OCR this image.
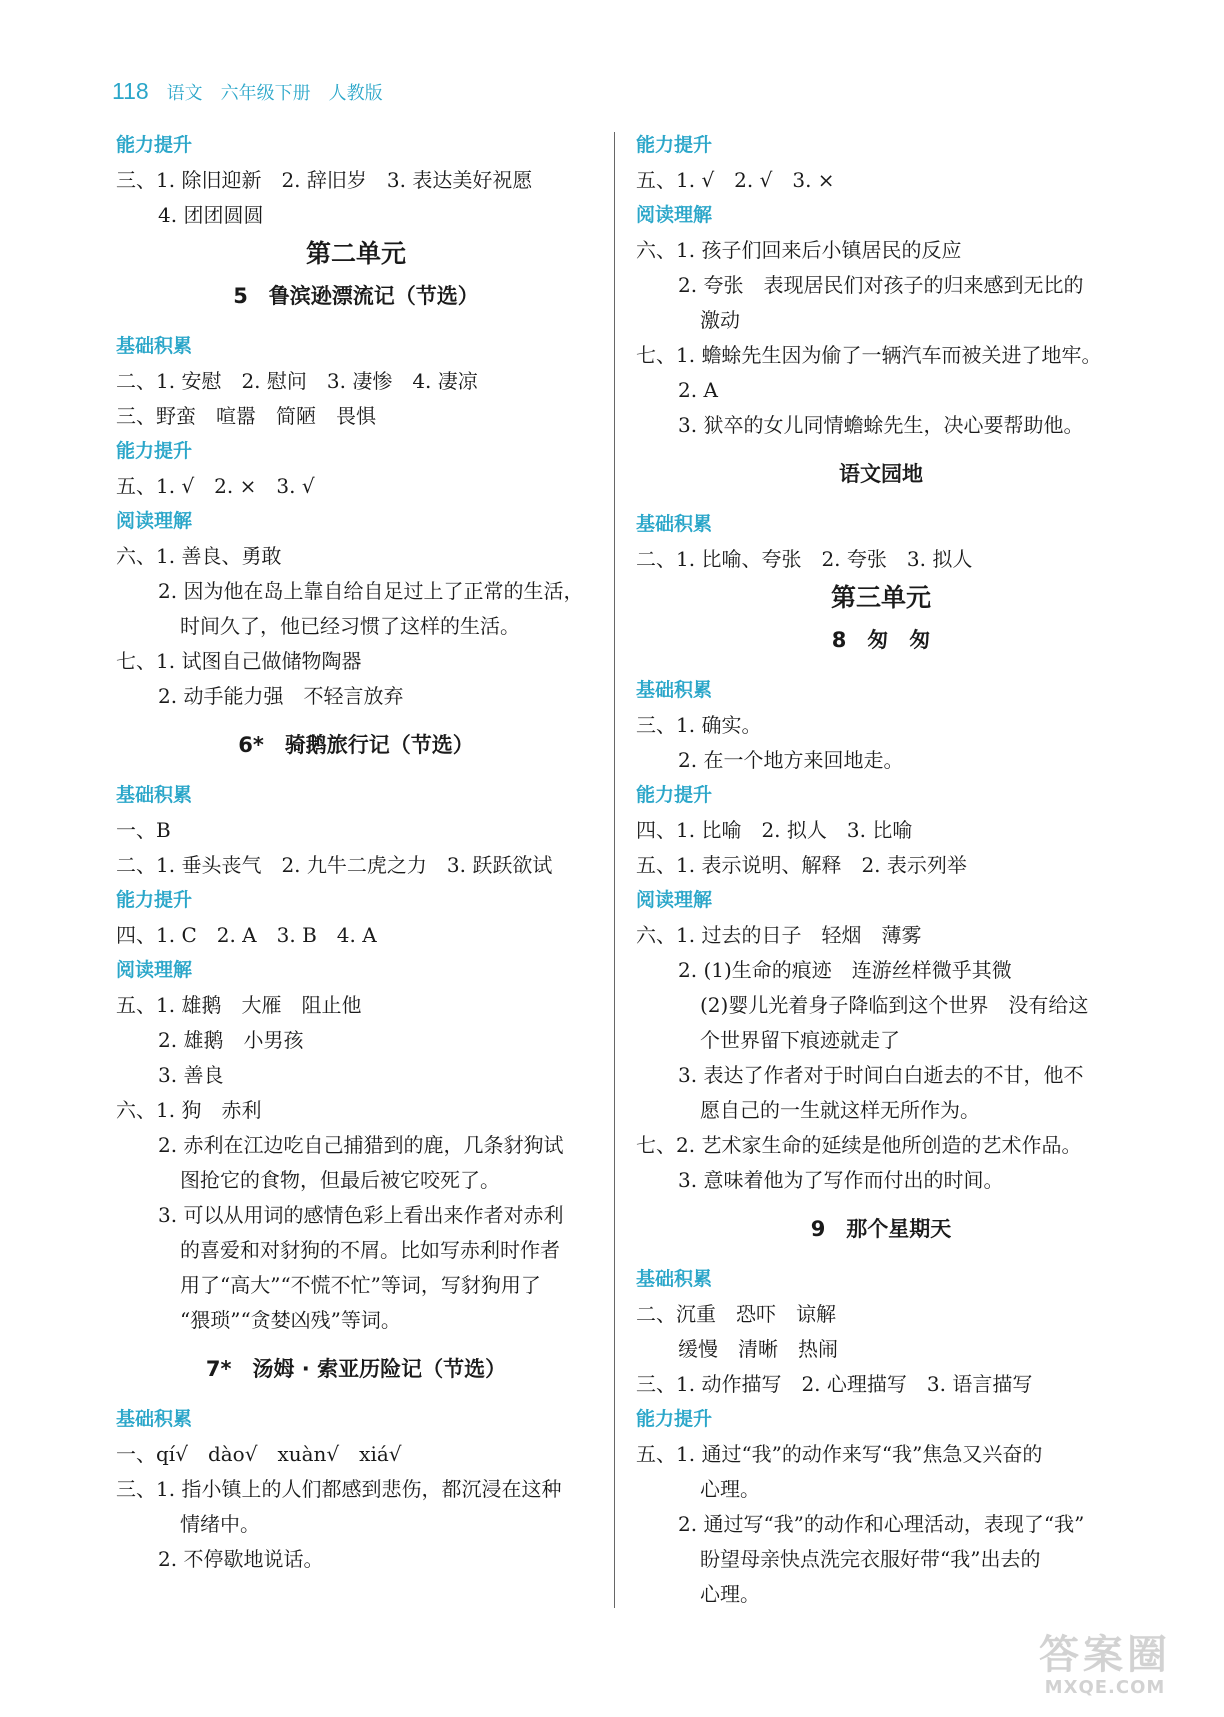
118 语文　六年级下册　人教版
能力提升
三、1. 除旧迎新　2. 辞旧岁　3. 表达美好祝愿
4. 团团圆圆
第二单元
5　鲁滨逊漂流记（节选）
基础积累
二、1. 安慰　2. 慰问　3. 凄惨　4. 凄凉
三、野蛮　喧嚣　简陋　畏惧
能力提升
五、1. √　2. ×　3. √
阅读理解
六、1. 善良、勇敢
2. 因为他在岛上靠自给自足过上了正常的生活，
时间久了，他已经习惯了这样的生活。
七、1. 试图自己做储物陶器
2. 动手能力强　不轻言放弃
6*　骑鹅旅行记（节选）
基础积累
一、B
二、1. 垂头丧气　2. 九牛二虎之力　3. 跃跃欲试
能力提升
四、1. C　2. A　3. B　4. A
阅读理解
五、1. 雄鹅　大雁　阻止他
2. 雄鹅　小男孩
3. 善良
六、1. 狗　赤利
2. 赤利在江边吃自己捕猎到的鹿，几条豺狗试
图抢它的食物，但最后被它咬死了。
3. 可以从用词的感情色彩上看出来作者对赤利
的喜爱和对豺狗的不屑。比如写赤利时作者
用了“高大”“不慌不忙”等词，写豺狗用了
“猥琐”“贪婪凶残”等词。
7*　汤姆 · 索亚历险记（节选）
基础积累
一、qí√　dào√　xuàn√　xiá√
三、1. 指小镇上的人们都感到悲伤，都沉浸在这种
情绪中。
2. 不停歇地说话。
能力提升
五、1. √　2. √　3. ×
阅读理解
六、1. 孩子们回来后小镇居民的反应
2. 夸张　表现居民们对孩子的归来感到无比的
激动
七、1. 蟾蜍先生因为偷了一辆汽车而被关进了地牢。
2. A
3. 狱卒的女儿同情蟾蜍先生，决心要帮助他。
语文园地
基础积累
二、1. 比喻、夸张　2. 夸张　3. 拟人
第三单元
8　匆　匆
基础积累
三、1. 确实。
2. 在一个地方来回地走。
能力提升
四、1. 比喻　2. 拟人　3. 比喻
五、1. 表示说明、解释　2. 表示列举
阅读理解
六、1. 过去的日子　轻烟　薄雾
2. (1)生命的痕迹　连游丝样微乎其微
(2)婴儿光着身子降临到这个世界　没有给这
个世界留下痕迹就走了
3. 表达了作者对于时间白白逝去的不甘，他不
愿自己的一生就这样无所作为。
七、2. 艺术家生命的延续是他所创造的艺术作品。
3. 意味着他为了写作而付出的时间。
9　那个星期天
基础积累
二、沉重　恐吓　谅解
缓慢　清晰　热闹
三、1. 动作描写　2. 心理描写　3. 语言描写
能力提升
五、1. 通过“我”的动作来写“我”焦急又兴奋的
心理。
2. 通过写“我”的动作和心理活动，表现了“我”
盼望母亲快点洗完衣服好带“我”出去的
心理。
答案圈
MXQE.COM
